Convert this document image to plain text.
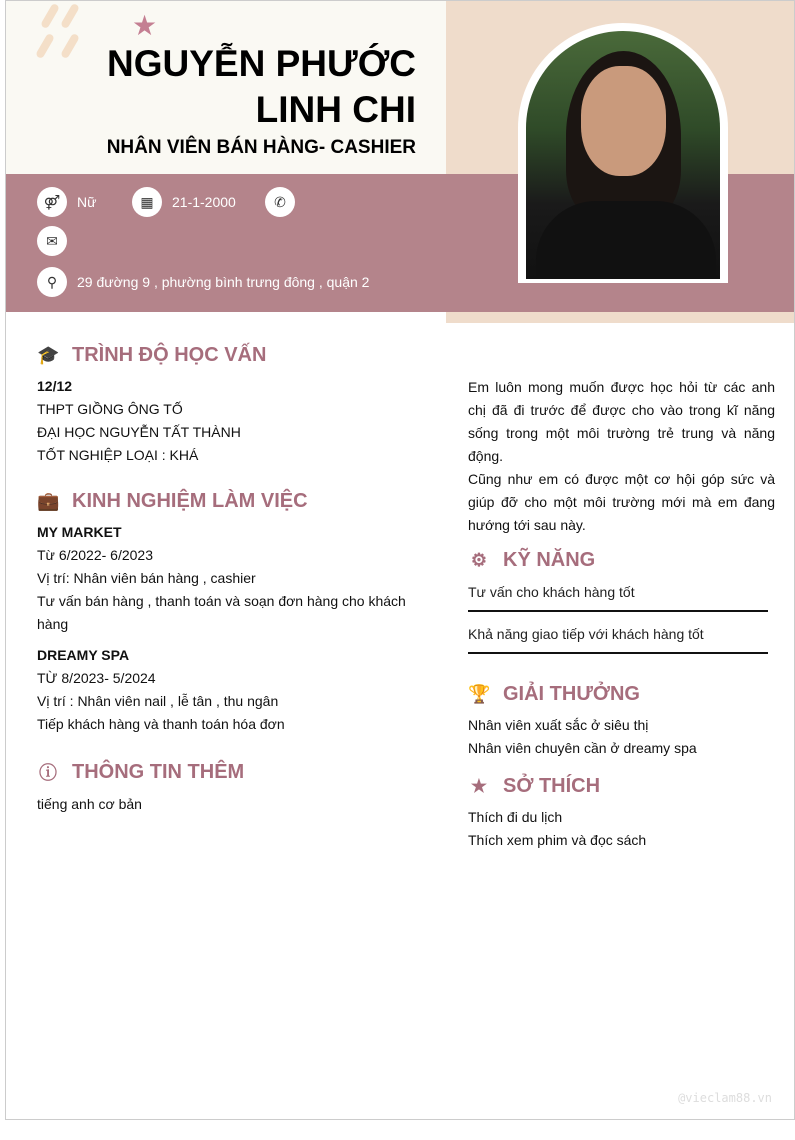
★
NGUYỄN PHƯỚC LINH CHI
NHÂN VIÊN BÁN HÀNG- CASHIER
⚤	Nữ	▦	21-1-2000	✆
✉
⚲	29 đường 9 , phường bình trưng đông , quận 2
🎓 TRÌNH ĐỘ HỌC VẤN
12/12
THPT GIỒNG ÔNG TỐ
ĐẠI HỌC NGUYỄN TẤT THÀNH
TỐT NGHIỆP LOẠI : KHÁ
💼 KINH NGHIỆM LÀM VIỆC
MY MARKET
Từ 6/2022- 6/2023
Vị trí: Nhân viên bán hàng , cashier
Tư vấn bán hàng , thanh toán và soạn đơn hàng cho khách hàng
DREAMY SPA
TỪ 8/2023- 5/2024
Vị trí : Nhân viên nail , lễ tân , thu ngân
Tiếp khách hàng và thanh toán hóa đơn
ⓘ THÔNG TIN THÊM
tiếng anh cơ bản
Em luôn mong muốn được học hỏi từ các anh chị đã đi trước để được cho vào trong kĩ năng sống trong một môi trường trẻ trung và năng động.
Cũng như em có được một cơ hội góp sức và giúp đỡ cho một môi trường mới mà em đang hướng tới sau này.
⚙ KỸ NĂNG
Tư vấn cho khách hàng tốt
Khả năng giao tiếp với khách hàng tốt
🏆 GIẢI THƯỞNG
Nhân viên xuất sắc ở siêu thị
Nhân viên chuyên cần ở dreamy spa
★ SỞ THÍCH
Thích đi du lịch
Thích xem phim và đọc sách
@vieclam88.vn
